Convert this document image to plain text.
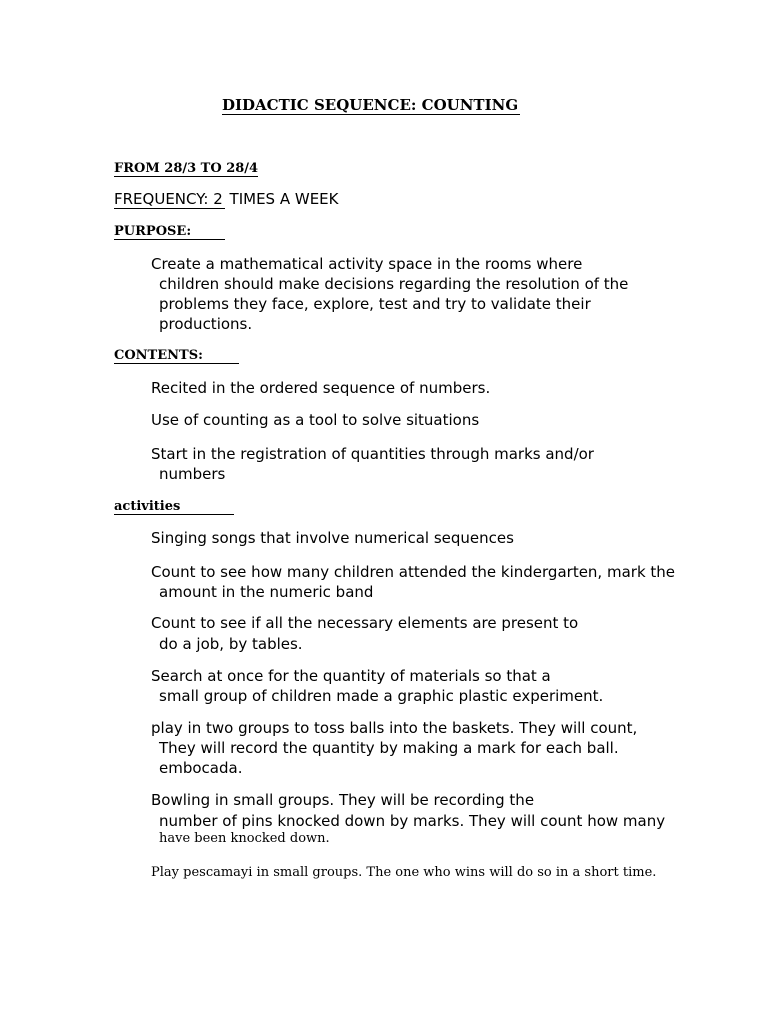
DIDACTIC SEQUENCE: COUNTING
FROM 28/3 TO 28/4
FREQUENCY: 2 TIMES A WEEK
PURPOSE:
Create a mathematical activity space in the rooms where
children should make decisions regarding the resolution of the
problems they face, explore, test and try to validate their
productions.
CONTENTS:
Recited in the ordered sequence of numbers.
Use of counting as a tool to solve situations
Start in the registration of quantities through marks and/or
numbers
activities
Singing songs that involve numerical sequences
Count to see how many children attended the kindergarten, mark the
amount in the numeric band
Count to see if all the necessary elements are present to
do a job, by tables.
Search at once for the quantity of materials so that a
small group of children made a graphic plastic experiment.
play in two groups to toss balls into the baskets. They will count,
They will record the quantity by making a mark for each ball.
embocada.
Bowling in small groups. They will be recording the
number of pins knocked down by marks. They will count how many
have been knocked down.
Play pescamayi in small groups. The one who wins will do so in a short time.
